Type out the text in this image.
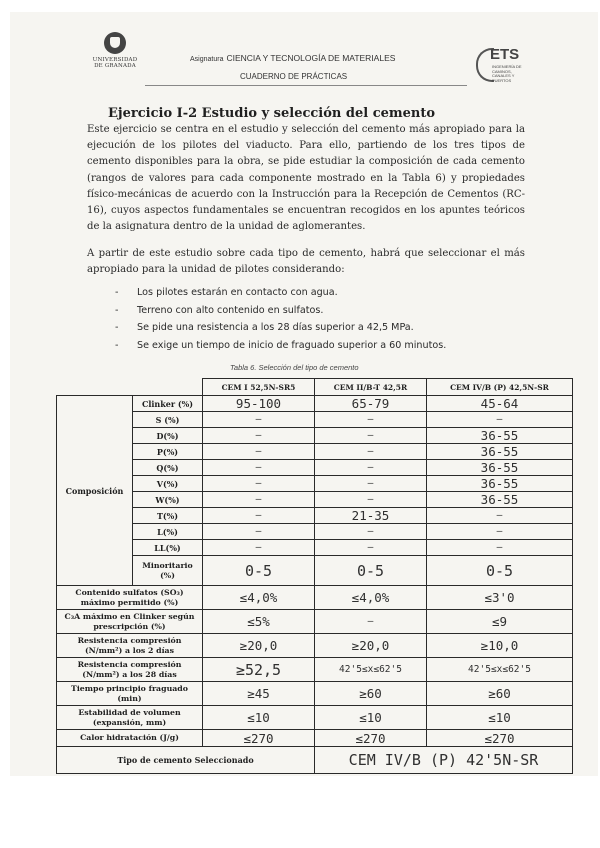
UNIVERSIDAD DE GRANADA
Asignatura CIENCIA Y TECNOLOGÍA DE MATERIALES
CUADERNO DE PRÁCTICAS
ETS
INGENIERÍA DE CAMINOS, CANALES Y PUERTOS
Ejercicio I-2 Estudio y selección del cemento

Este ejercicio se centra en el estudio y selección del cemento más apropiado para la ejecución de los pilotes del viaducto. Para ello, partiendo de los tres tipos de cemento disponibles para la obra, se pide estudiar la composición de cada cemento (rangos de valores para cada componente mostrado en la Tabla 6) y propiedades físico-mecánicas de acuerdo con la Instrucción para la Recepción de Cementos (RC-16), cuyos aspectos fundamentales se encuentran recogidos en los apuntes teóricos de la asignatura dentro de la unidad de aglomerantes.

A partir de este estudio sobre cada tipo de cemento, habrá que seleccionar el más apropiado para la unidad de pilotes considerando:

- Los pilotes estarán en contacto con agua.
- Terreno con alto contenido en sulfatos.
- Se pide una resistencia a los 28 días superior a 42,5 MPa.
- Se exige un tiempo de inicio de fraguado superior a 60 minutos.
Tabla 6. Selección del tipo de cemento
		CEM I 52,5N-SR5	CEM II/B-T 42,5R	CEM IV/B (P) 42,5N-SR
Composición	Clinker (%)	95-100	65-79	45-64
	S (%)	—	—	—
	D(%)	—	—	36-55
	P(%)	—	—	36-55
	Q(%)	—	—	36-55
	V(%)	—	—	36-55
	W(%)	—	—	36-55
	T(%)	—	21-35	—
	L(%)	—	—	—
	LL(%)	—	—	—
	Minoritario (%)	0-5	0-5	0-5
Contenido sulfatos (SO₃) máximo permitido (%)		≤4,0%	≤4,0%	≤3'0
C₃A máximo en Clinker según prescripción (%)		≤5%	—	≤9
Resistencia compresión (N/mm²) a los 2 días		≥20,0	≥20,0	≥10,0
Resistencia compresión (N/mm²) a los 28 días		≥52,5	42'5≤x≤62'5	42'5≤x≤62'5
Tiempo principio fraguado (min)		≥45	≥60	≥60
Estabilidad de volumen (expansión, mm)		≤10	≤10	≤10
Calor hidratación (J/g)		≤270	≤270	≤270
Tipo de cemento Seleccionado			CEM IV/B (P) 42'5N-SR	
